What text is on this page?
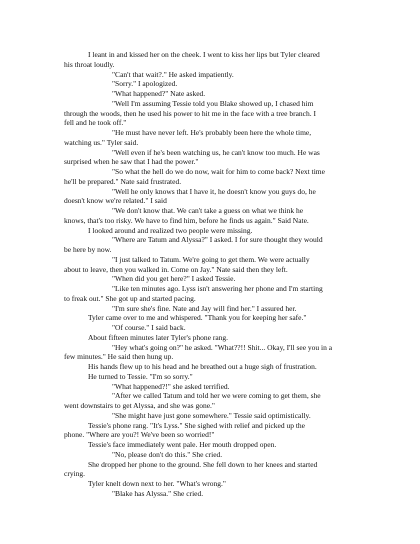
I leant in and kissed her on the cheek. I went to kiss her lips but Tyler cleared
his throat loudly.
"Can't that wait?." He asked impatiently.
"Sorry." I apologized.
"What happened?" Nate asked.
"Well I'm assuming Tessie told you Blake showed up, I chased him
through the woods, then he used his power to hit me in the face with a tree branch. I
fell and he took off."
"He must have never left. He's probably been here the whole time,
watching us." Tyler said.
"Well even if he's been watching us, he can't know too much. He was
surprised when he saw that I had the power."
"So what the hell do we do now, wait for him to come back? Next time
he'll be prepared." Nate said frustrated.
"Well he only knows that I have it, he doesn't know you guys do, he
doesn't know we're related." I said
"We don't know that. We can't take a guess on what we think he
knows, that's too risky. We have to find him, before he finds us again." Said Nate.
I looked around and realized two people were missing.
"Where are Tatum and Alyssa?" I asked. I for sure thought they would
be here by now.
"I just talked to Tatum. We're going to get them. We were actually
about to leave, then you walked in. Come on Jay." Nate said then they left.
"When did you get here?" I asked Tessie.
"Like ten minutes ago. Lyss isn't answering her phone and I'm starting
to freak out." She got up and started pacing.
"I'm sure she's fine. Nate and Jay will find her." I assured her.
Tyler came over to me and whispered. "Thank you for keeping her safe."
"Of course." I said back.
About fifteen minutes later Tyler's phone rang.
"Hey what's going on?" he asked. "What??!! Shit... Okay, I'll see you in a
few minutes." He said then hung up.
His hands flew up to his head and he breathed out a huge sigh of frustration.
He turned to Tessie. "I'm so sorry."
"What happened?!" she asked terrified.
"After we called Tatum and told her we were coming to get them, she
went downstairs to get Alyssa, and she was gone."
"She might have just gone somewhere." Tessie said optimistically.
Tessie's phone rang. "It's Lyss." She sighed with relief and picked up the
phone. "Where are you?! We've been so worried!"
Tessie's face immediately went pale. Her mouth dropped open.
"No, please don't do this." She cried.
She dropped her phone to the ground. She fell down to her knees and started
crying.
Tyler knelt down next to her. "What's wrong."
"Blake has Alyssa." She cried.
